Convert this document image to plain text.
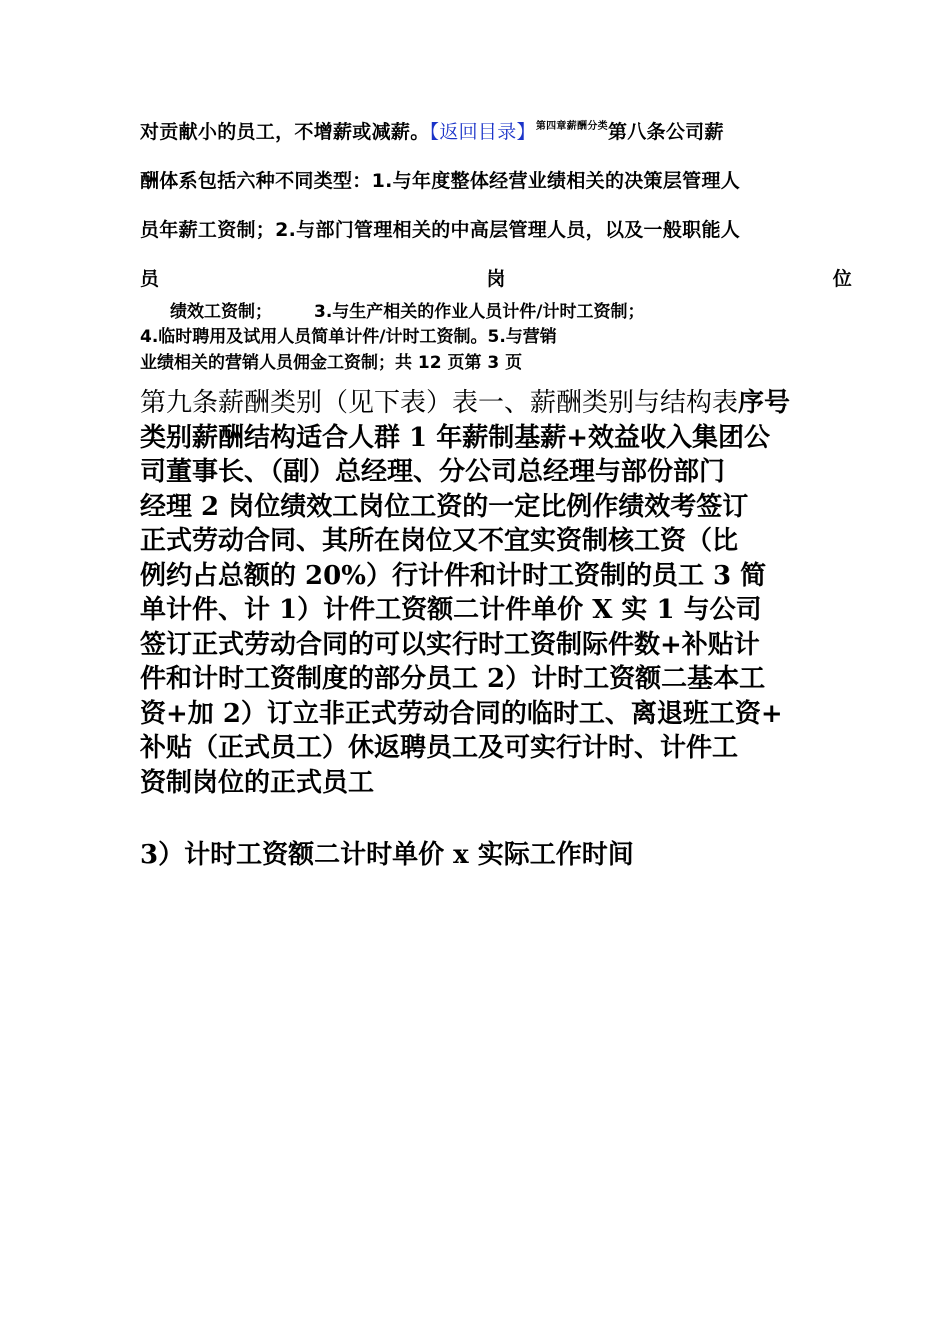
对贡献小的员工，不增薪或减薪。【返回目录】$^{第四章薪酬分类}$第八条公司薪
酬体系包括六种不同类型：1.与年度整体经营业绩相关的决策层管理人
员年薪工资制；2.与部门管理相关的中高层管理人员，以及一般职能人
员	岗	位
绩效工资制； 3.与生产相关的作业人员计件/计时工资制；
4.临时聘用及试用人员简单计件/计时工资制。5.与营销
业绩相关的营销人员佣金工资制；共 12 页第 3 页
第九条薪酬类别（见下表）表一、薪酬类别与结构表序号
类别薪酬结构适合人群 1 年薪制基薪+效益收入集团公
司董事长、（副）总经理、分公司总经理与部份部门
经理 2 岗位绩效工岗位工资的一定比例作绩效考签订
正式劳动合同、其所在岗位又不宜实资制核工资（比
例约占总额的 20%）行计件和计时工资制的员工 3 简
单计件、计 1）计件工资额二计件单价 X 实 1 与公司
签订正式劳动合同的可以实行时工资制际件数+补贴计
件和计时工资制度的部分员工 2）计时工资额二基本工
资+加 2）订立非正式劳动合同的临时工、离退班工资+
补贴（正式员工）休返聘员工及可实行计时、计件工
资制岗位的正式员工
3）计时工资额二计时单价 x 实际工作时间
